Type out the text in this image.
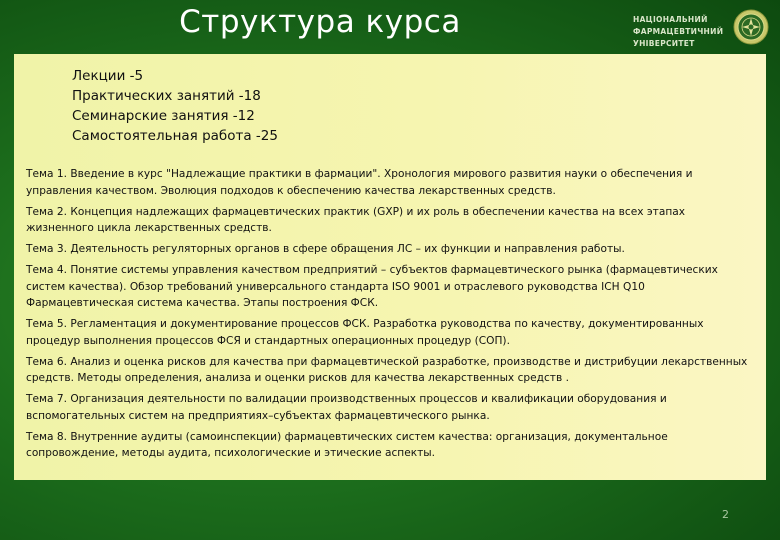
Структура курса	НАЦІОНАЛЬНИЙ
ФАРМАЦЕВТИЧНИЙ
УНІВЕРСИТЕТ
Лекции -5
Практических занятий -18
Семинарские занятия -12
Самостоятельная работа -25

Тема 1. Введение в курс "Надлежащие практики в фармации". Хронология мирового развития науки о обеспечения и управления качеством. Эволюция подходов к обеспечению качества лекарственных средств.

Тема 2. Концепция надлежащих фармацевтических практик (GXP) и их роль в обеспечении качества на всех этапах жизненного цикла лекарственных средств.

Тема 3. Деятельность регуляторных органов в сфере обращения ЛС – их функции и направления работы.

Тема 4. Понятие системы управления качеством предприятий – субъектов фармацевтического рынка (фармацевтических систем качества). Обзор требований универсального стандарта ISO 9001 и отраслевого руководства ICH Q10 Фармацевтическая система качества. Этапы построения ФСК.

Тема 5. Регламентация и документирование процессов ФСК. Разработка руководства по качеству, документированных процедур выполнения процессов ФСЯ и стандартных операционных процедур (СОП).

Тема 6. Анализ и оценка рисков для качества при фармацевтической разработке, производстве и дистрибуции лекарственных средств. Методы определения, анализа и оценки рисков для качества лекарственных средств .

Тема 7. Организация деятельности по валидации производственных процессов и квалификации оборудования и вспомогательных систем на предприятиях–субъектах фармацевтического рынка.

Тема 8. Внутренние аудиты (самоинспекции) фармацевтических систем качества: организация, документальное сопровождение, методы аудита, психологические и этические аспекты.

2
